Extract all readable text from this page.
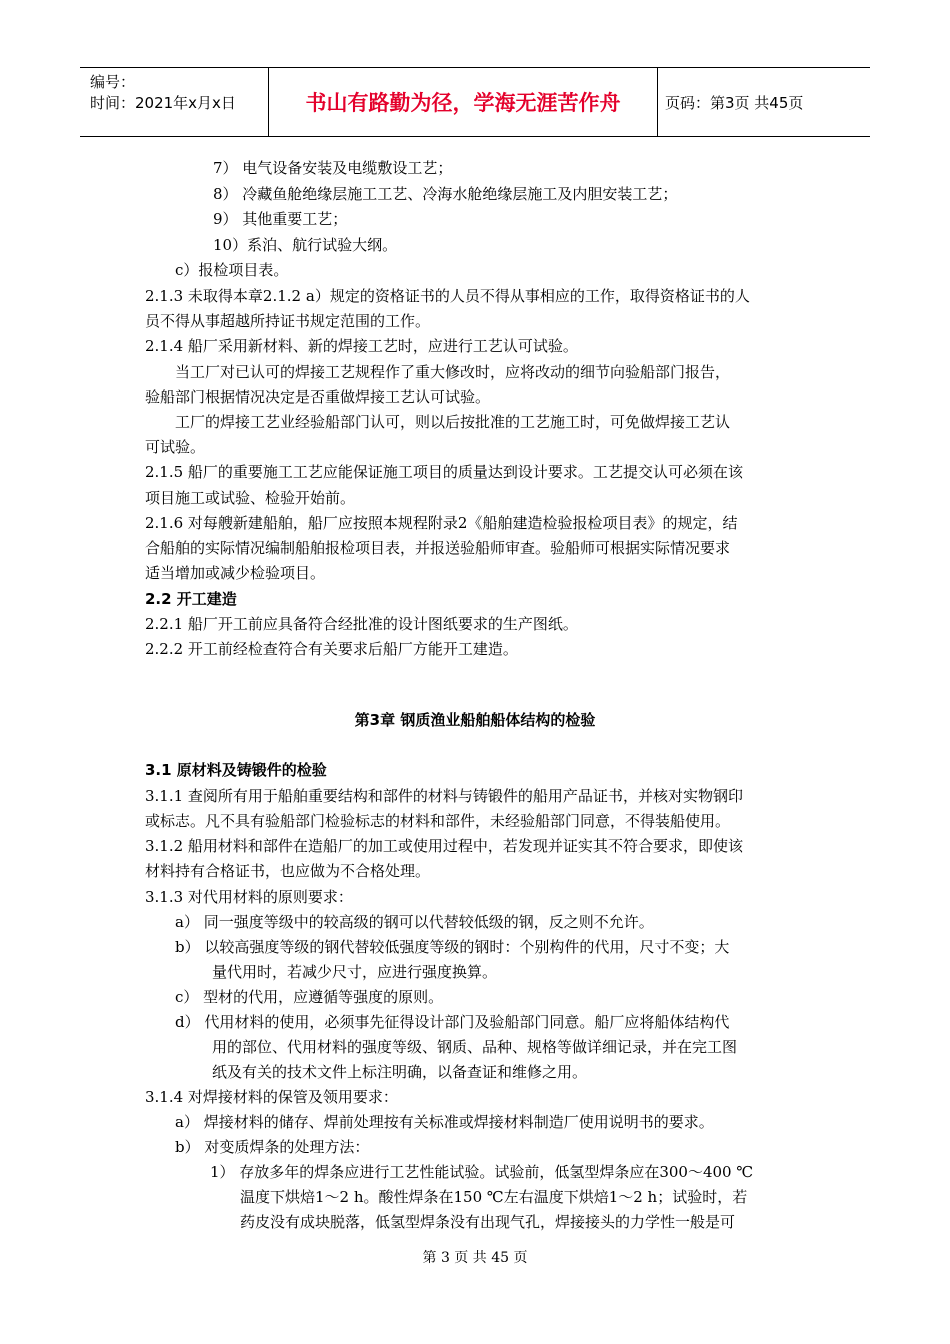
编号：
时间：2021年x月x日	书山有路勤为径，学海无涯苦作舟	页码：第3页 共45页
7） 电气设备安装及电缆敷设工艺；
8） 冷藏鱼舱绝缘层施工工艺、冷海水舱绝缘层施工及内胆安装工艺；
9） 其他重要工艺；
10）系泊、航行试验大纲。
c）报检项目表。
2.1.3 未取得本章2.1.2 a）规定的资格证书的人员不得从事相应的工作，取得资格证书的人
员不得从事超越所持证书规定范围的工作。
2.1.4 船厂采用新材料、新的焊接工艺时，应进行工艺认可试验。
当工厂对已认可的焊接工艺规程作了重大修改时，应将改动的细节向验船部门报告，
验船部门根据情况决定是否重做焊接工艺认可试验。
工厂的焊接工艺业经验船部门认可，则以后按批准的工艺施工时，可免做焊接工艺认
可试验。
2.1.5 船厂的重要施工工艺应能保证施工项目的质量达到设计要求。工艺提交认可必须在该
项目施工或试验、检验开始前。
2.1.6 对每艘新建船舶，船厂应按照本规程附录2《船舶建造检验报检项目表》的规定，结
合船舶的实际情况编制船舶报检项目表，并报送验船师审查。验船师可根据实际情况要求
适当增加或减少检验项目。
2.2 开工建造
2.2.1 船厂开工前应具备符合经批准的设计图纸要求的生产图纸。
2.2.2 开工前经检查符合有关要求后船厂方能开工建造。
第3章 钢质渔业船舶船体结构的检验
3.1 原材料及铸锻件的检验
3.1.1 查阅所有用于船舶重要结构和部件的材料与铸锻件的船用产品证书，并核对实物钢印
或标志。凡不具有验船部门检验标志的材料和部件，未经验船部门同意，不得装船使用。
3.1.2 船用材料和部件在造船厂的加工或使用过程中，若发现并证实其不符合要求，即使该
材料持有合格证书，也应做为不合格处理。
3.1.3 对代用材料的原则要求：
a） 同一强度等级中的较高级的钢可以代替较低级的钢，反之则不允许。
b） 以较高强度等级的钢代替较低强度等级的钢时：个别构件的代用，尺寸不变；大
量代用时，若减少尺寸，应进行强度换算。
c） 型材的代用，应遵循等强度的原则。
d） 代用材料的使用，必须事先征得设计部门及验船部门同意。船厂应将船体结构代
用的部位、代用材料的强度等级、钢质、品种、规格等做详细记录，并在完工图
纸及有关的技术文件上标注明确，以备查证和维修之用。
3.1.4 对焊接材料的保管及领用要求：
a） 焊接材料的储存、焊前处理按有关标准或焊接材料制造厂使用说明书的要求。
b） 对变质焊条的处理方法：
1） 存放多年的焊条应进行工艺性能试验。试验前，低氢型焊条应在300～400 ℃
温度下烘焙1～2 h。酸性焊条在150 ℃左右温度下烘焙1～2 h；试验时，若
药皮没有成块脱落，低氢型焊条没有出现气孔，焊接接头的力学性一般是可
第 3 页 共 45 页
